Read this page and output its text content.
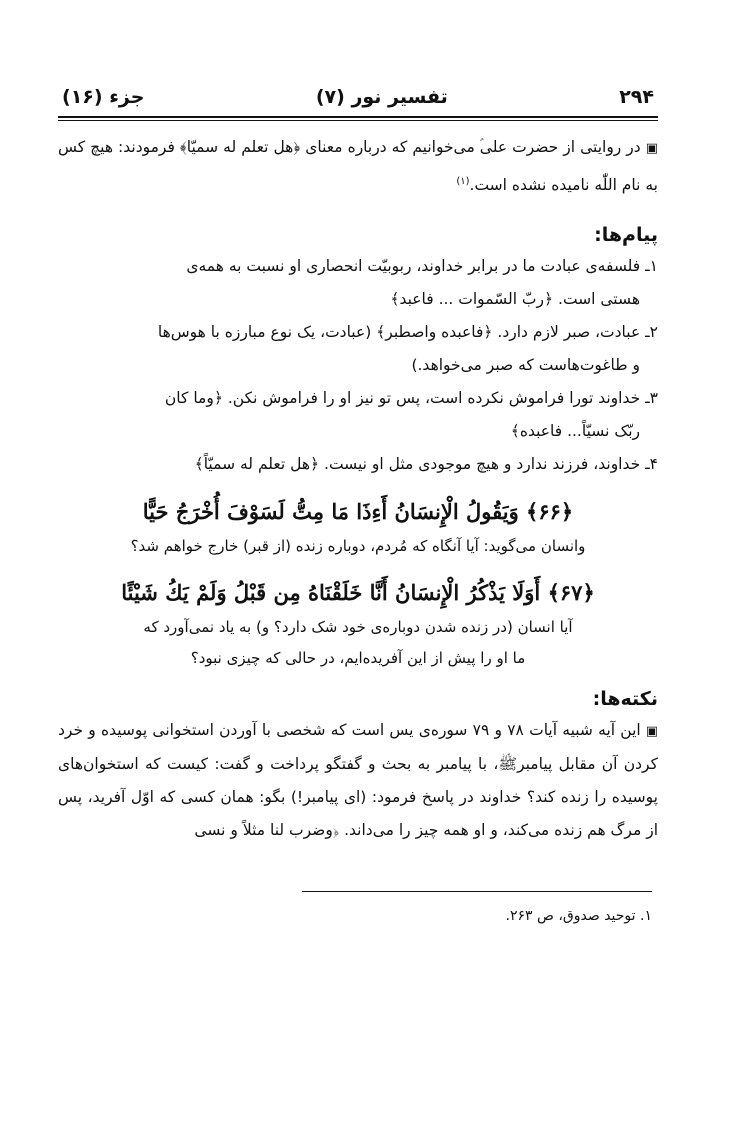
۲۹۴
تفسیر نور (۷)
جزء (۱۶)

▣ در روایتی از حضرت علی‌ؑ می‌خوانیم که درباره معنای ﴿هل تعلم له سمیّا﴾ فرمودند: هیچ کس به نام اللّٰه نامیده نشده است.$^{(۱)}$

پیام‌ها:

۱ـ فلسفه‌ی عبادت ما در برابر خداوند، ربوبیّت انحصاری او نسبت به همه‌ی

هستی است. ﴿ربّ السّموات ... فاعبد﴾

۲ـ عبادت، صبر لازم دارد. ﴿فاعبده واصطبر﴾ (عبادت، یک نوع مبارزه با هوس‌ها

و طاغوت‌هاست که صبر می‌خواهد.)

۳ـ خداوند تورا فراموش نکرده است، پس تو نیز او را فراموش نکن. ﴿وما کان

ربّک نسیّاً... فاعبده﴾

۴ـ خداوند، فرزند ندارد و هیچ موجودی مثل او نیست. ﴿هل تعلم له سمیّاً﴾

﴿۶۶﴾ وَيَقُولُ الْإِنسَانُ أَءِذَا مَا مِتُّ لَسَوْفَ أُخْرَجُ حَيًّا

وانسان می‌گوید: آیا آنگاه که مُردم، دوباره زنده (از قبر) خارج خواهم شد؟

﴿۶۷﴾ أَوَلَا يَذْكُرُ الْإِنسَانُ أَنَّا خَلَقْنَاهُ مِن قَبْلُ وَلَمْ يَكُ شَيْئًا

آیا انسان (در زنده شدن دوباره‌ی خود شک دارد؟ و) به یاد نمی‌آورد که

ما او را پیش از این آفریده‌ایم، در حالی که چیزی نبود؟

نکته‌ها:

▣ این آیه شبیه آیات ۷۸ و ۷۹ سوره‌ی یس است که شخصی با آوردن استخوانی پوسیده و خرد کردن آن مقابل پیامبرﷺ، با پیامبر به بحث و گفتگو پرداخت و گفت: کیست که استخوان‌های پوسیده را زنده کند؟ خداوند در پاسخ فرمود: (ای پیامبر!) بگو: همان کسی که اوّل آفرید، پس از مرگ هم زنده می‌کند، و او همه چیز را می‌داند. ﴿وضرب لنا مثلاً و نسی

۱. توحید صدوق، ص ۲۶۳.
